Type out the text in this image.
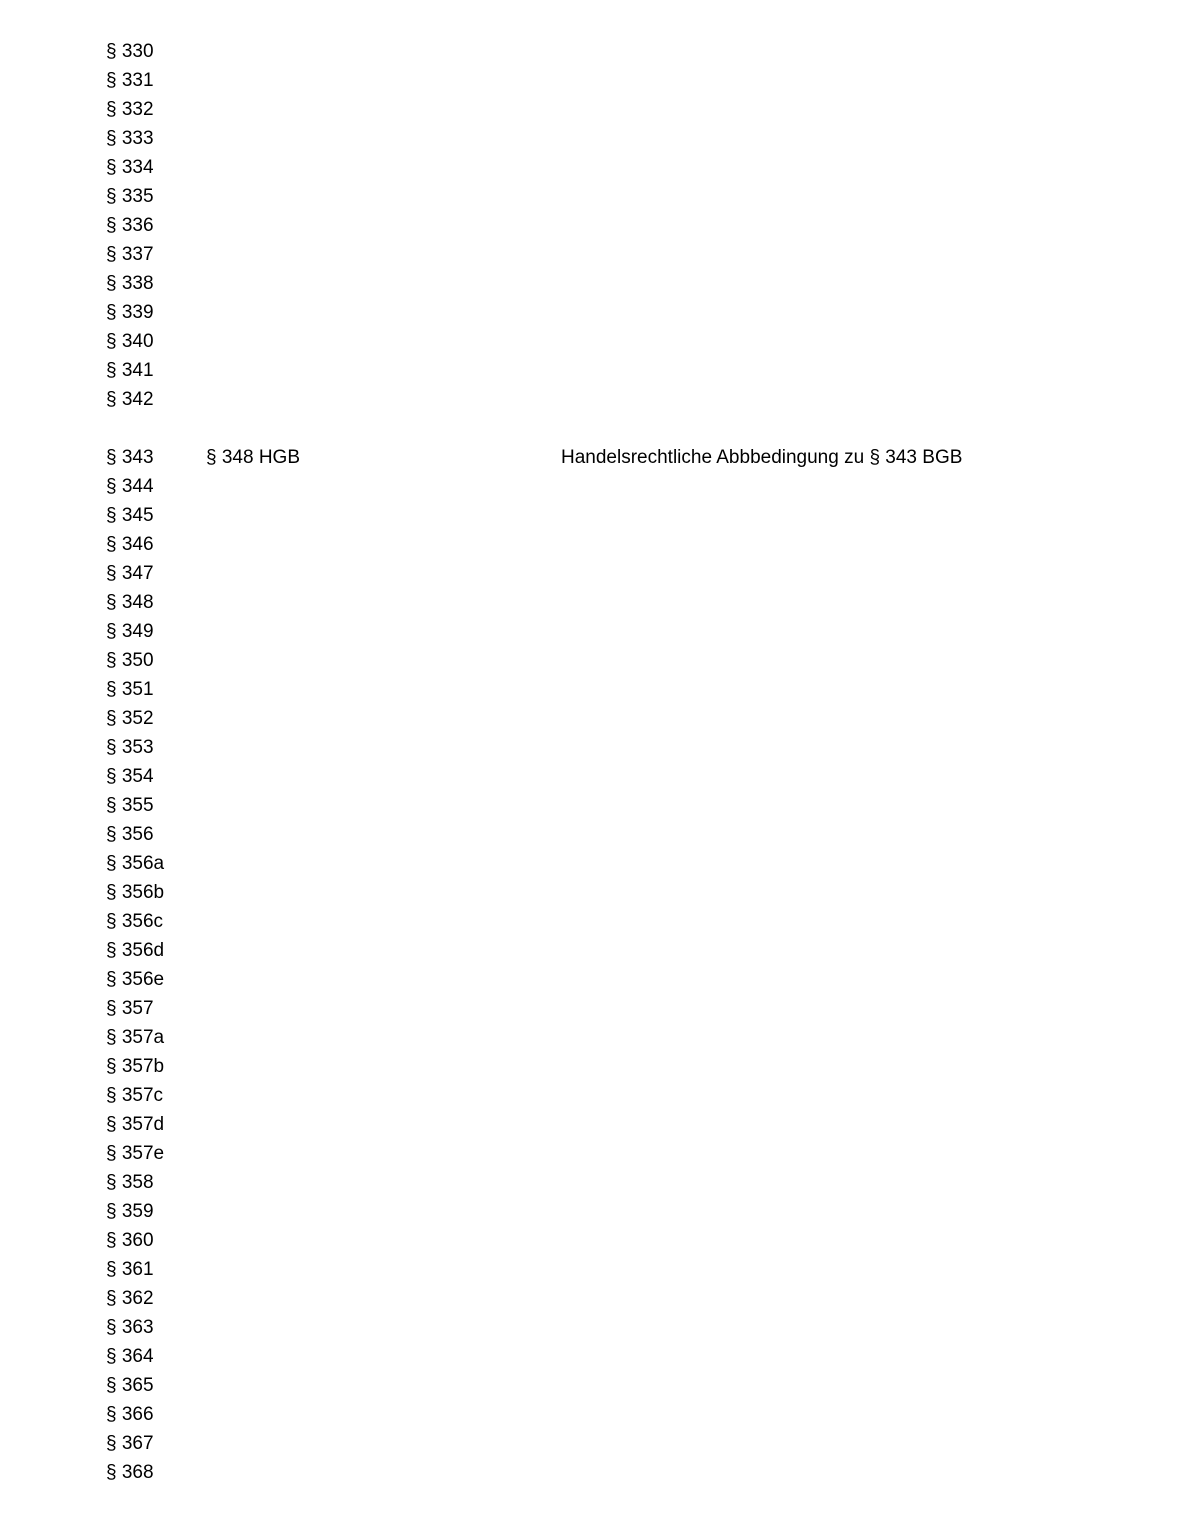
§ 330
§ 331
§ 332
§ 333
§ 334
§ 335
§ 336
§ 337
§ 338
§ 339
§ 340
§ 341
§ 342
§ 343	§ 348 HGB	Handelsrechtliche Abbbedingung zu § 343 BGB
§ 344
§ 345
§ 346
§ 347
§ 348
§ 349
§ 350
§ 351
§ 352
§ 353
§ 354
§ 355
§ 356
§ 356a
§ 356b
§ 356c
§ 356d
§ 356e
§ 357
§ 357a
§ 357b
§ 357c
§ 357d
§ 357e
§ 358
§ 359
§ 360
§ 361
§ 362
§ 363
§ 364
§ 365
§ 366
§ 367
§ 368
